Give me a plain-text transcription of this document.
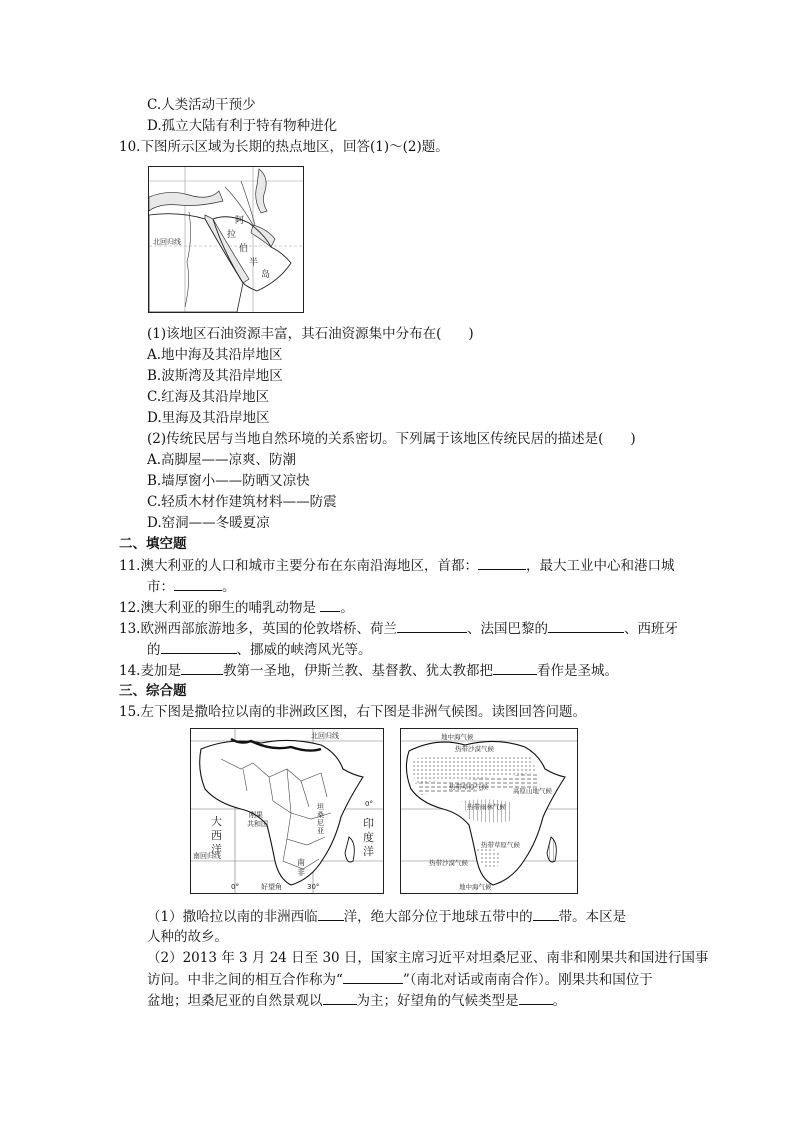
C.人类活动干预少
D.孤立大陆有利于特有物种进化
10.下图所示区域为长期的热点地区，回答(1)～(2)题。
北回归线
阿
拉
伯
半
岛
(1)该地区石油资源丰富，其石油资源集中分布在(　　)
A.地中海及其沿岸地区
B.波斯湾及其沿岸地区
C.红海及其沿岸地区
D.里海及其沿岸地区
(2)传统民居与当地自然环境的关系密切。下列属于该地区传统民居的描述是(　　)
A.高脚屋——凉爽、防潮
B.墙厚窗小——防晒又凉快
C.轻质木材作建筑材料——防震
D.窑洞——冬暖夏凉
二、填空题
11.澳大利亚的人口和城市主要分布在东南沿海地区，首都：	，最大工业中心和港口城
市：	。
12.澳大利亚的卵生的哺乳动物是 。
13.欧洲西部旅游地多，英国的伦敦塔桥、荷兰	、法国巴黎的	、西班牙
的	、挪威的峡湾风光等。
14.麦加是	教第一圣地，伊斯兰教、基督教、犹太教都把	看作是圣城。
三、综合题
15.左下图是撒哈拉以南的非洲政区图，右下图是非洲气候图。读图回答问题。
北回归线
南回归线
0°
大
西
洋
印
度
洋
刚果
共和国
坦
桑
尼
亚
南
非
0°	好望角	30°
地中海气候
热带沙漠气候
热带草原气候	高原山地气候
热带雨林气候
热带草原气候
热带沙漠气候
地中海气候
（1）撒哈拉以南的非洲西临 洋，绝大部分位于地球五带中的 带。本区是
人种的故乡。
（2）2013 年 3 月 24 日至 30 日，国家主席习近平对坦桑尼亚、南非和刚果共和国进行国事
访问。中非之间的相互合作称为“	”（南北对话或南南合作）。刚果共和国位于
盆地；坦桑尼亚的自然景观以	为主；好望角的气候类型是	。
